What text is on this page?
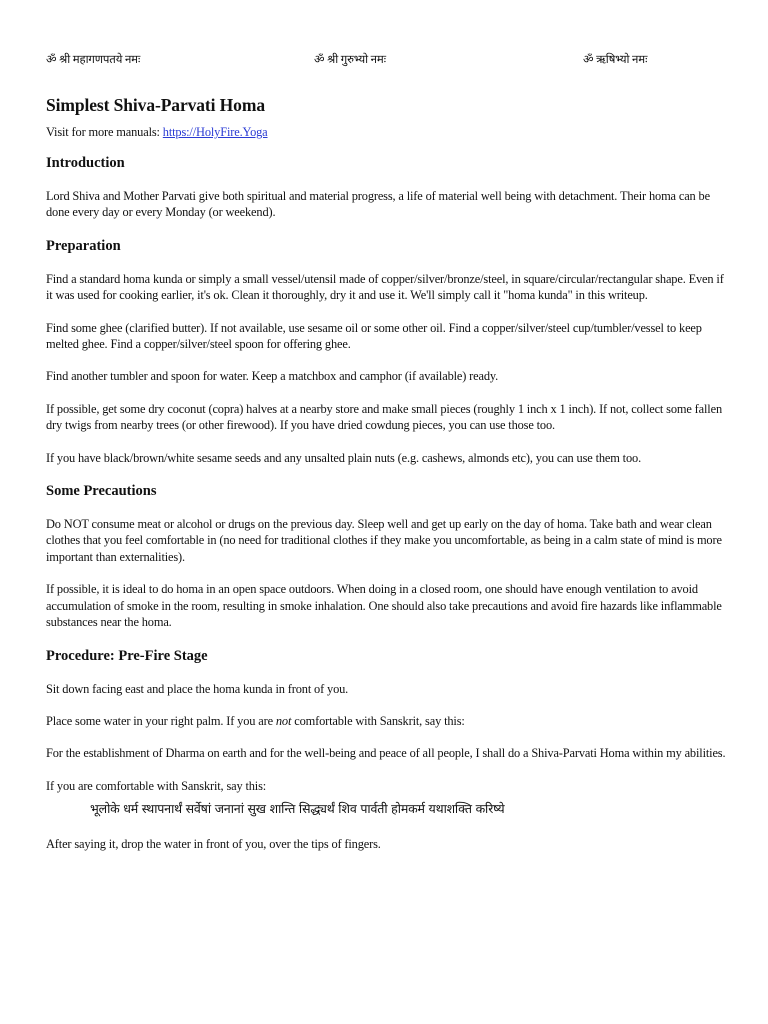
ॐ श्री महागणपतये नमः	ॐ श्री गुरुभ्यो नमः	ॐ ऋषिभ्यो नमः
Simplest Shiva-Parvati Homa

Visit for more manuals: https://HolyFire.Yoga

Introduction

Lord Shiva and Mother Parvati give both spiritual and material progress, a life of material well being with detachment. Their homa can be done every day or every Monday (or weekend).

Preparation

Find a standard homa kunda or simply a small vessel/utensil made of copper/silver/bronze/steel, in square/circular/rectangular shape. Even if it was used for cooking earlier, it's ok. Clean it thoroughly, dry it and use it. We'll simply call it "homa kunda" in this writeup.

Find some ghee (clarified butter). If not available, use sesame oil or some other oil. Find a copper/silver/steel cup/tumbler/vessel to keep melted ghee. Find a copper/silver/steel spoon for offering ghee.

Find another tumbler and spoon for water. Keep a matchbox and camphor (if available) ready.

If possible, get some dry coconut (copra) halves at a nearby store and make small pieces (roughly 1 inch x 1 inch). If not, collect some fallen dry twigs from nearby trees (or other firewood). If you have dried cowdung pieces, you can use those too.

If you have black/brown/white sesame seeds and any unsalted plain nuts (e.g. cashews, almonds etc), you can use them too.

Some Precautions

Do NOT consume meat or alcohol or drugs on the previous day. Sleep well and get up early on the day of homa. Take bath and wear clean clothes that you feel comfortable in (no need for traditional clothes if they make you uncomfortable, as being in a calm state of mind is more important than externalities).

If possible, it is ideal to do homa in an open space outdoors. When doing in a closed room, one should have enough ventilation to avoid accumulation of smoke in the room, resulting in smoke inhalation. One should also take precautions and avoid fire hazards like inflammable substances near the homa.

Procedure: Pre-Fire Stage

Sit down facing east and place the homa kunda in front of you.

Place some water in your right palm. If you are not comfortable with Sanskrit, say this:

For the establishment of Dharma on earth and for the well-being and peace of all people, I shall do a Shiva-Parvati Homa within my abilities.

If you are comfortable with Sanskrit, say this:

भूलोके धर्म स्थापनार्थं सर्वेषां जनानां सुख शान्ति सिद्ध्यर्थं शिव पार्वती होमकर्म यथाशक्ति करिष्ये

After saying it, drop the water in front of you, over the tips of fingers.
